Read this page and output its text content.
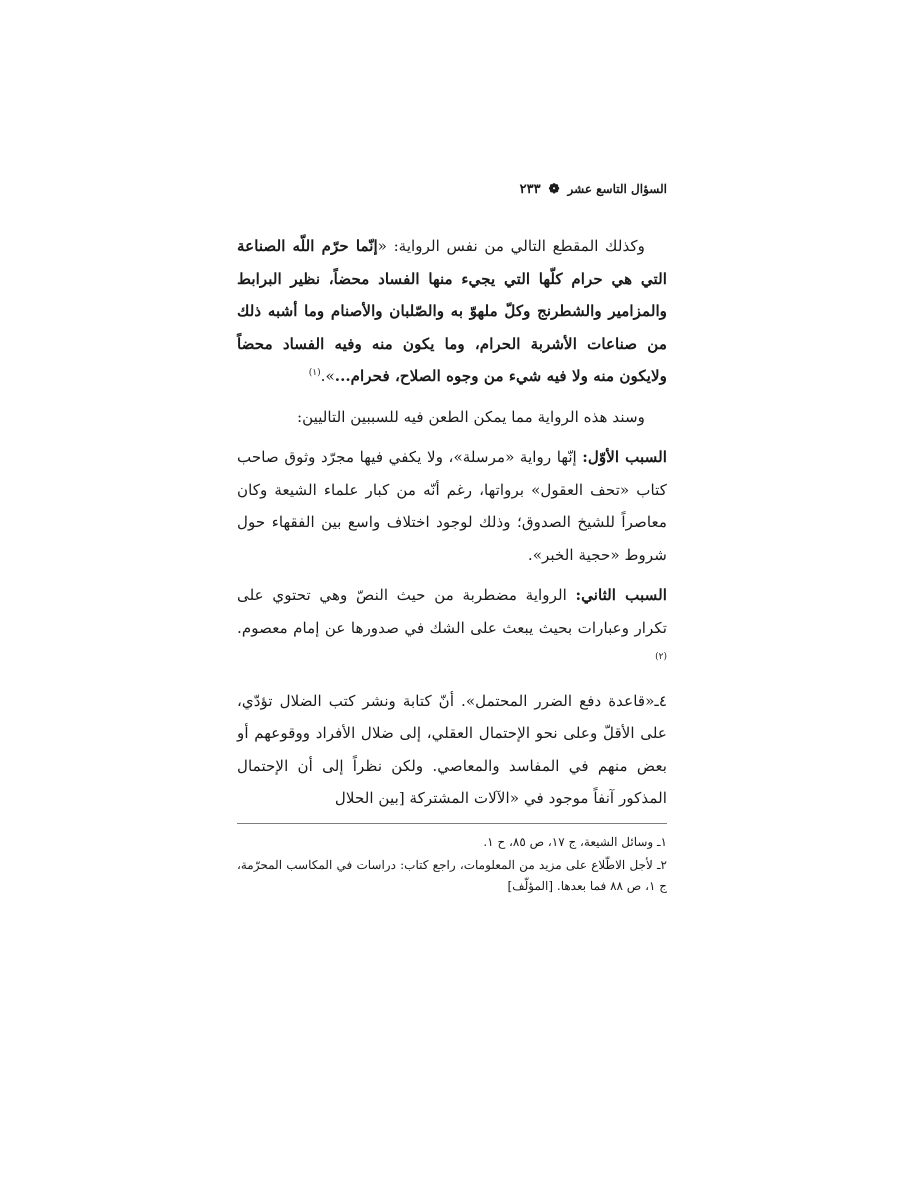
السؤال التاسع عشر
❁
٢٣٣

وكذلك المقطع التالي من نفس الرواية: «إنّما حرّم اللّه الصناعة التي هي حرام كلّها التي يجيء منها الفساد محضاً، نظير البرابط والمزامير والشطرنج وكلّ ملهوّ به والصّلبان والأصنام وما أشبه ذلك من صناعات الأشربة الحرام، وما يكون منه وفيه الفساد محضاً ولايكون منه ولا فيه شيء من وجوه الصلاح، فحرام...».$^{(١)}$

وسند هذه الرواية مما يمكن الطعن فيه للسببين التاليين:

السبب الأوّل: إنّها رواية «مرسلة»، ولا يكفي فيها مجرّد وثوق صاحب كتاب «تحف العقول» برواتها، رغم أنّه من كبار علماء الشيعة وكان معاصراً للشيخ الصدوق؛ وذلك لوجود اختلاف واسع بين الفقهاء حول شروط «حجية الخبر».

السبب الثاني: الرواية مضطربة من حيث النصّ وهي تحتوي على تكرار وعبارات بحيث يبعث على الشك في صدورها عن إمام معصوم.$^{(٢)}$

٤ـ«قاعدة دفع الضرر المحتمل». أنّ كتابة ونشر كتب الضلال تؤدّي، على الأقلّ وعلى نحو الإحتمال العقلي، إلى ضلال الأفراد ووقوعهم أو بعض منهم في المفاسد والمعاصي. ولكن نظراً إلى أن الإحتمال المذكور آنفاً موجود في «الآلات المشتركة [بين الحلال

١ـ وسائل الشيعة، ج ١٧، ص ٨٥، ح ١.

٢ـ لأجل الاطّلاع على مزيد من المعلومات، راجع كتاب: دراسات في المكاسب المحرّمة، ج ١، ص ٨٨ فما بعدها. [المؤلّف]
